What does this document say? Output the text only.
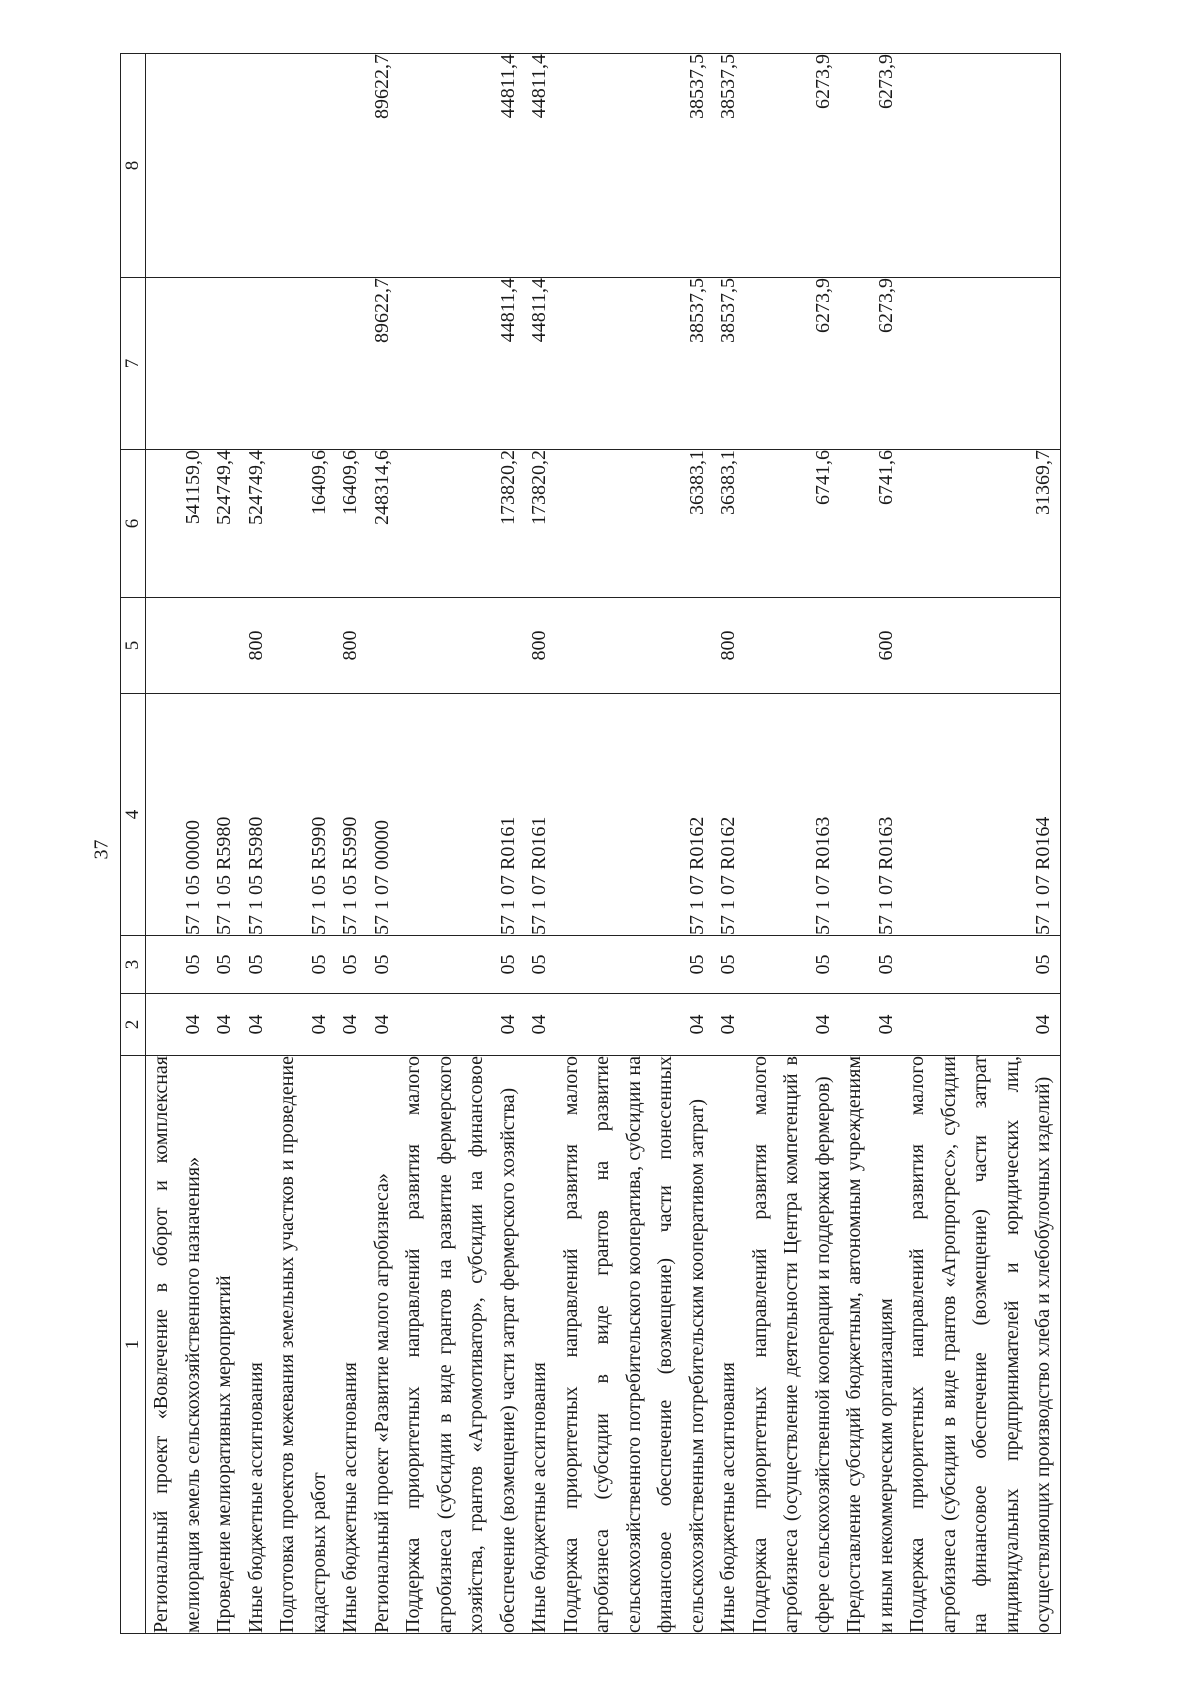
37
1	2	3	4	5	6	7	8

Региональный проект «Вовлечение в оборот и комплексная мелиорация земель сельскохозяйственного назначения»	04	05	57 1 05 00000		541159,0		

Проведение мелиоративных мероприятий	04	05	57 1 05 R5980		524749,4		

Иные бюджетные ассигнования	04	05	57 1 05 R5980	800	524749,4		

Подготовка проектов межевания земельных участков и проведение кадастровых работ	04	05	57 1 05 R5990		16409,6		

Иные бюджетные ассигнования	04	05	57 1 05 R5990	800	16409,6		

Региональный проект «Развитие малого агробизнеса»	04	05	57 1 07 00000		248314,6	89622,7	89622,7

Поддержка приоритетных направлений развития малого агробизнеса (субсидии в виде грантов на развитие фермерского хозяйства, грантов «Агромотиватор», субсидии на финансовое обеспечение (возмещение) части затрат фермерского хозяйства)	04	05	57 1 07 R0161		173820,2	44811,4	44811,4

Иные бюджетные ассигнования	04	05	57 1 07 R0161	800	173820,2	44811,4	44811,4

Поддержка приоритетных направлений развития малого агробизнеса (субсидии в виде грантов на развитие сельскохозяйственного потребительского кооператива, субсидии на финансовое обеспечение (возмещение) части понесенных сельскохозяйственным потребительским кооперативом затрат)	04	05	57 1 07 R0162		36383,1	38537,5	38537,5

Иные бюджетные ассигнования	04	05	57 1 07 R0162	800	36383,1	38537,5	38537,5

Поддержка приоритетных направлений развития малого агробизнеса (осуществление деятельности Центра компетенций в сфере сельскохозяйственной кооперации и поддержки фермеров)	04	05	57 1 07 R0163		6741,6	6273,9	6273,9

Предоставление субсидий бюджетным, автономным учреждениям и иным некоммерческим организациям	04	05	57 1 07 R0163	600	6741,6	6273,9	6273,9

Поддержка приоритетных направлений развития малого агробизнеса (субсидии в виде грантов «Агропрогресс», субсидии на финансовое обеспечение (возмещение) части затрат индивидуальных предпринимателей и юридических лиц, осуществляющих производство хлеба и хлебобулочных изделий)	04	05	57 1 07 R0164		31369,7		
